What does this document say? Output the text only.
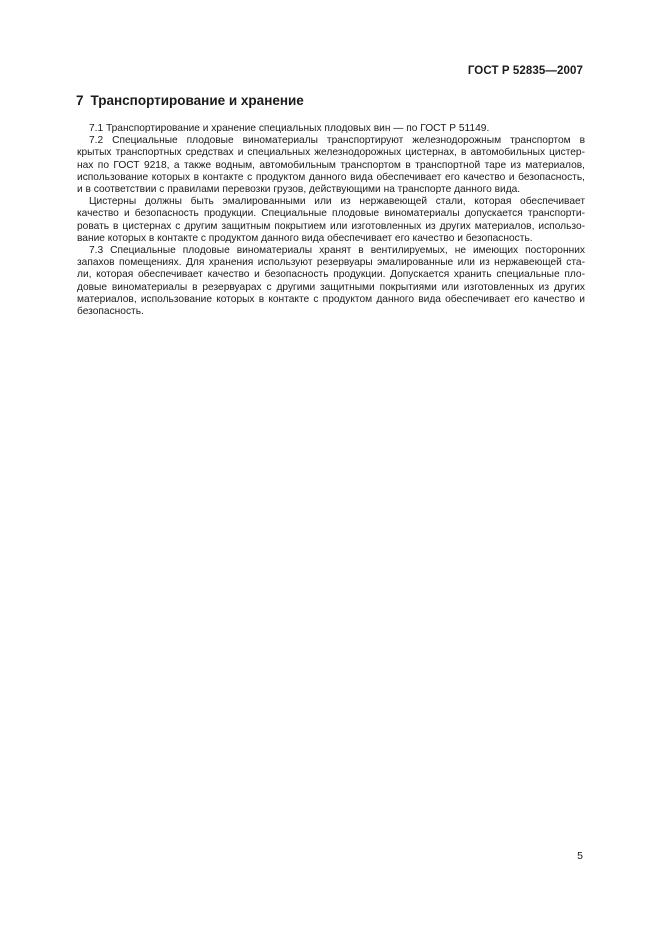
ГОСТ Р 52835—2007
7 Транспортирование и хранение

7.1 Транспортирование и хранение специальных плодовых вин — по ГОСТ Р 51149.

7.2 Специальные плодовые виноматериалы транспортируют железнодорожным транспортом в
крытых транспортных средствах и специальных железнодорожных цистернах, в автомобильных цистер-
нах по ГОСТ 9218, а также водным, автомобильным транспортом в транспортной таре из материалов,
использование которых в контакте с продуктом данного вида обеспечивает его качество и безопасность,
и в соответствии с правилами перевозки грузов, действующими на транспорте данного вида.

Цистерны должны быть эмалированными или из нержавеющей стали, которая обеспечивает
качество и безопасность продукции. Специальные плодовые виноматериалы допускается транспорти-
ровать в цистернах с другим защитным покрытием или изготовленных из других материалов, использо-
вание которых в контакте с продуктом данного вида обеспечивает его качество и безопасность.

7.3 Специальные плодовые виноматериалы хранят в вентилируемых, не имеющих посторонних
запахов помещениях. Для хранения используют резервуары эмалированные или из нержавеющей ста-
ли, которая обеспечивает качество и безопасность продукции. Допускается хранить специальные пло-
довые виноматериалы в резервуарах с другими защитными покрытиями или изготовленных из других
материалов, использование которых в контакте с продуктом данного вида обеспечивает его качество и
безопасность.

5
